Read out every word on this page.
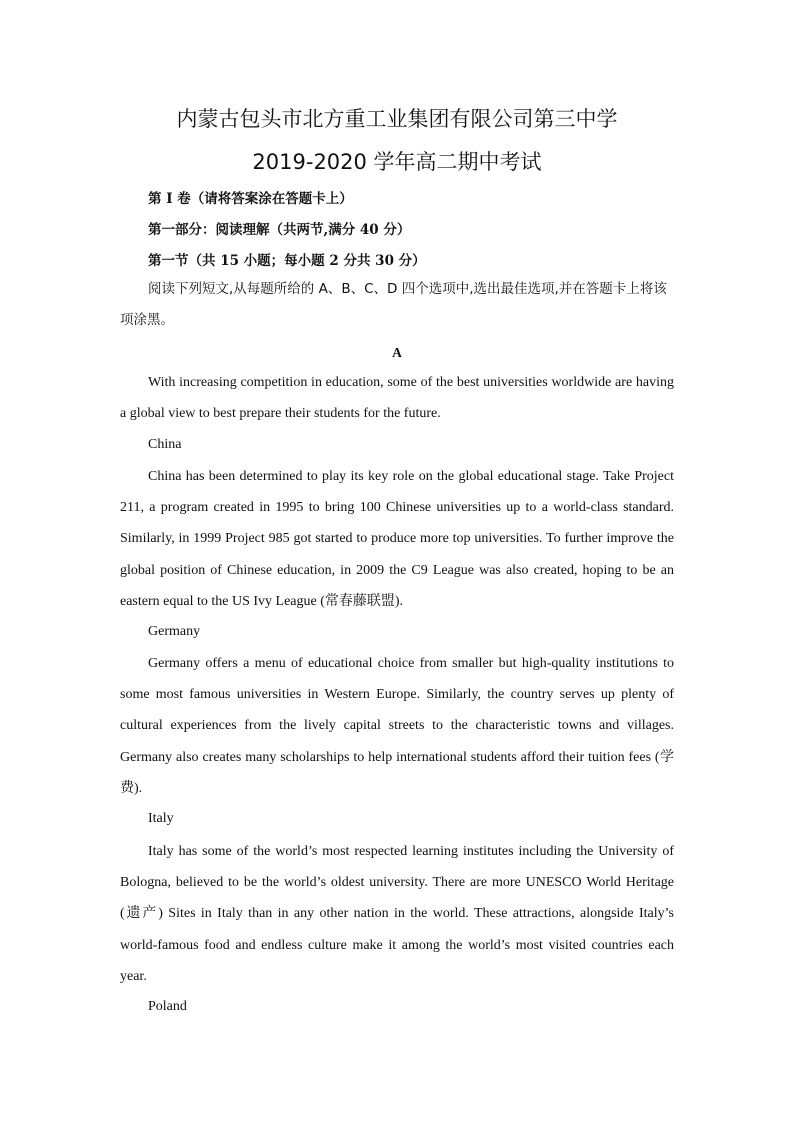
内蒙古包头市北方重工业集团有限公司第三中学
2019-2020 学年高二期中考试
第 I 卷（请将答案涂在答题卡上）
第一部分：阅读理解（共两节,满分 40 分）
第一节（共 15 小题；每小题 2 分共 30 分）
阅读下列短文,从每题所给的 A、B、C、D 四个选项中,选出最佳选项,并在答题卡上将该项涂黑。
A

With increasing competition in education, some of the best universities worldwide are having a global view to best prepare their students for the future.

China

China has been determined to play its key role on the global educational stage. Take Project 211, a program created in 1995 to bring 100 Chinese universities up to a world-class standard. Similarly, in 1999 Project 985 got started to produce more top universities. To further improve the global position of Chinese education, in 2009 the C9 League was also created, hoping to be an eastern equal to the US Ivy League (常春藤联盟).

Germany

Germany offers a menu of educational choice from smaller but high-quality institutions to some most famous universities in Western Europe. Similarly, the country serves up plenty of cultural experiences from the lively capital streets to the characteristic towns and villages. Germany also creates many scholarships to help international students afford their tuition fees (学费).

Italy

Italy has some of the world’s most respected learning institutes including the University of Bologna, believed to be the world’s oldest university. There are more UNESCO World Heritage (遗产) Sites in Italy than in any other nation in the world. These attractions, alongside Italy’s world-famous food and endless culture make it among the world’s most visited countries each year.

Poland
